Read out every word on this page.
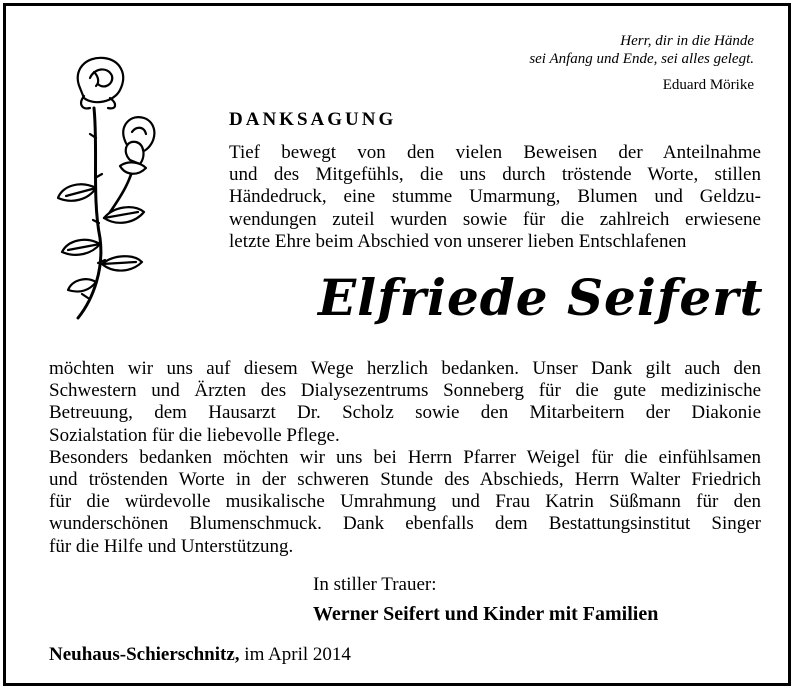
Herr, dir in die Hände
sei Anfang und Ende, sei alles gelegt.
Eduard Mörike
DANKSAGUNG
Tief bewegt von den vielen Beweisen der Anteilnahme
und des Mitgefühls, die uns durch tröstende Worte, stillen
Händedruck, eine stumme Umarmung, Blumen und Geldzu-
wendungen zuteil wurden sowie für die zahlreich erwiesene
letzte Ehre beim Abschied von unserer lieben Entschlafenen
Elfriede Seifert
möchten wir uns auf diesem Wege herzlich bedanken. Unser Dank gilt auch den
Schwestern und Ärzten des Dialysezentrums Sonneberg für die gute medizinische
Betreuung, dem Hausarzt Dr. Scholz sowie den Mitarbeitern der Diakonie
Sozialstation für die liebevolle Pflege.
Besonders bedanken möchten wir uns bei Herrn Pfarrer Weigel für die einfühlsamen
und tröstenden Worte in der schweren Stunde des Abschieds, Herrn Walter Friedrich
für die würdevolle musikalische Umrahmung und Frau Katrin Süßmann für den
wunderschönen Blumenschmuck. Dank ebenfalls dem Bestattungsinstitut Singer
für die Hilfe und Unterstützung.
In stiller Trauer:
Werner Seifert und Kinder mit Familien
Neuhaus-Schierschnitz, im April 2014
